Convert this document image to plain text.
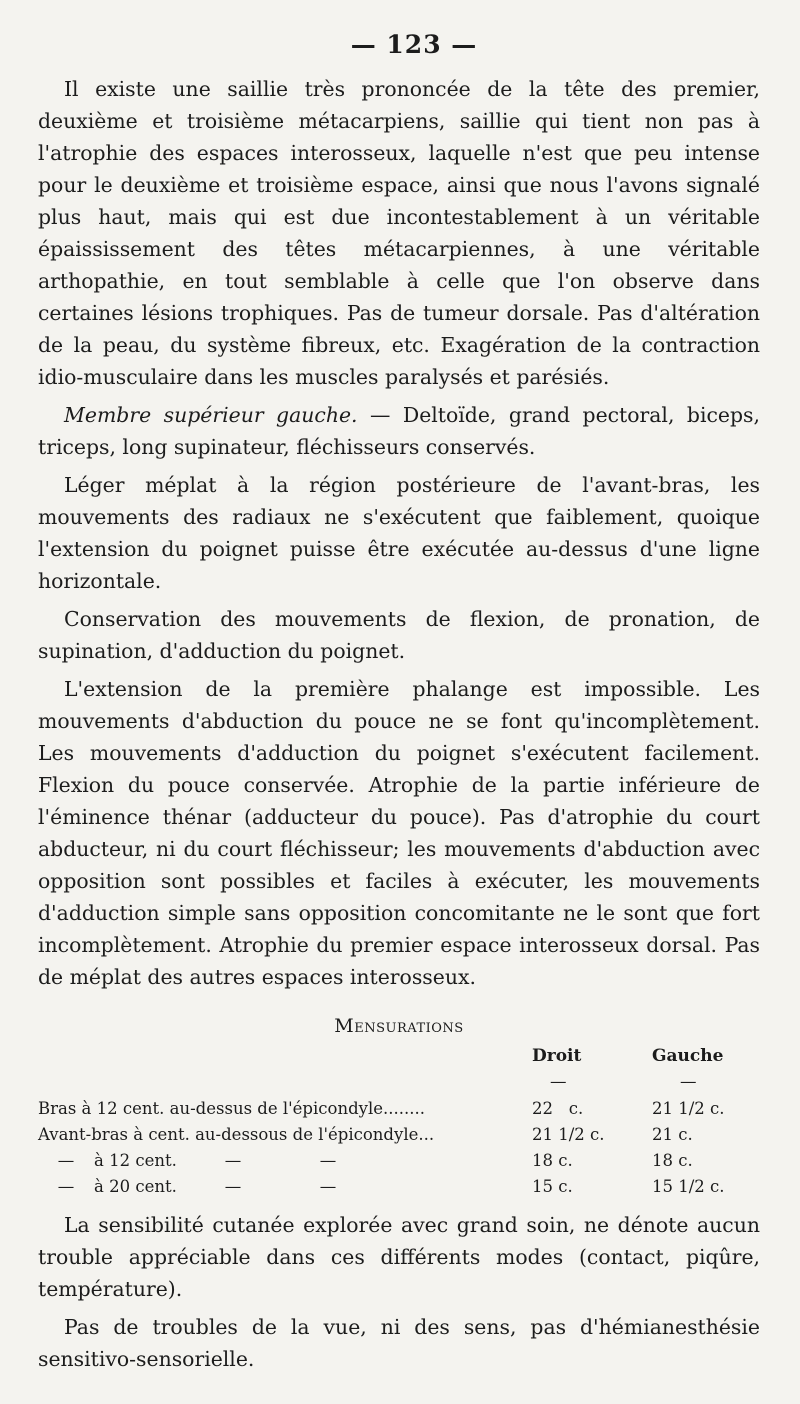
— 123 —

Il existe une saillie très prononcée de la tête des premier, deuxième et troisième métacarpiens, saillie qui tient non pas à l'atrophie des espaces interosseux, laquelle n'est que peu intense pour le deuxième et troisième espace, ainsi que nous l'avons signalé plus haut, mais qui est due incontestablement à un véritable épaississement des têtes métacarpiennes, à une véritable arthopathie, en tout semblable à celle que l'on observe dans certaines lésions trophiques. Pas de tumeur dorsale. Pas d'altération de la peau, du système fibreux, etc. Exagération de la contraction idio-musculaire dans les muscles paralysés et parésiés.

Membre supérieur gauche. — Deltoïde, grand pectoral, biceps, triceps, long supinateur, fléchisseurs conservés.

Léger méplat à la région postérieure de l'avant-bras, les mouvements des radiaux ne s'exécutent que faiblement, quoique l'extension du poignet puisse être exécutée au-dessus d'une ligne horizontale.

Conservation des mouvements de flexion, de pronation, de supination, d'adduction du poignet.

L'extension de la première phalange est impossible. Les mouvements d'abduction du pouce ne se font qu'incomplètement. Les mouvements d'adduction du poignet s'exécutent facilement. Flexion du pouce conservée. Atrophie de la partie inférieure de l'éminence thénar (adducteur du pouce). Pas d'atrophie du court abducteur, ni du court fléchisseur; les mouvements d'abduction avec opposition sont possibles et faciles à exécuter, les mouvements d'adduction simple sans opposition concomitante ne le sont que fort incomplètement. Atrophie du premier espace interosseux dorsal. Pas de méplat des autres espaces interosseux.

Mensurations
	Droit	Gauche
	—	—
Bras à 12 cent. au-dessus de l'épicondyle........	22   c.	21 1/2 c.
Avant-bras à cent. au-dessous de l'épicondyle...	21 1/2 c.	21 c.
— à 12 cent. — —	18 c.	18 c.
— à 20 cent. — —	15 c.	15 1/2 c.

La sensibilité cutanée explorée avec grand soin, ne dénote aucun trouble appréciable dans ces différents modes (contact, piqûre, température).

Pas de troubles de la vue, ni des sens, pas d'hémianesthésie sensitivo-sensorielle.
